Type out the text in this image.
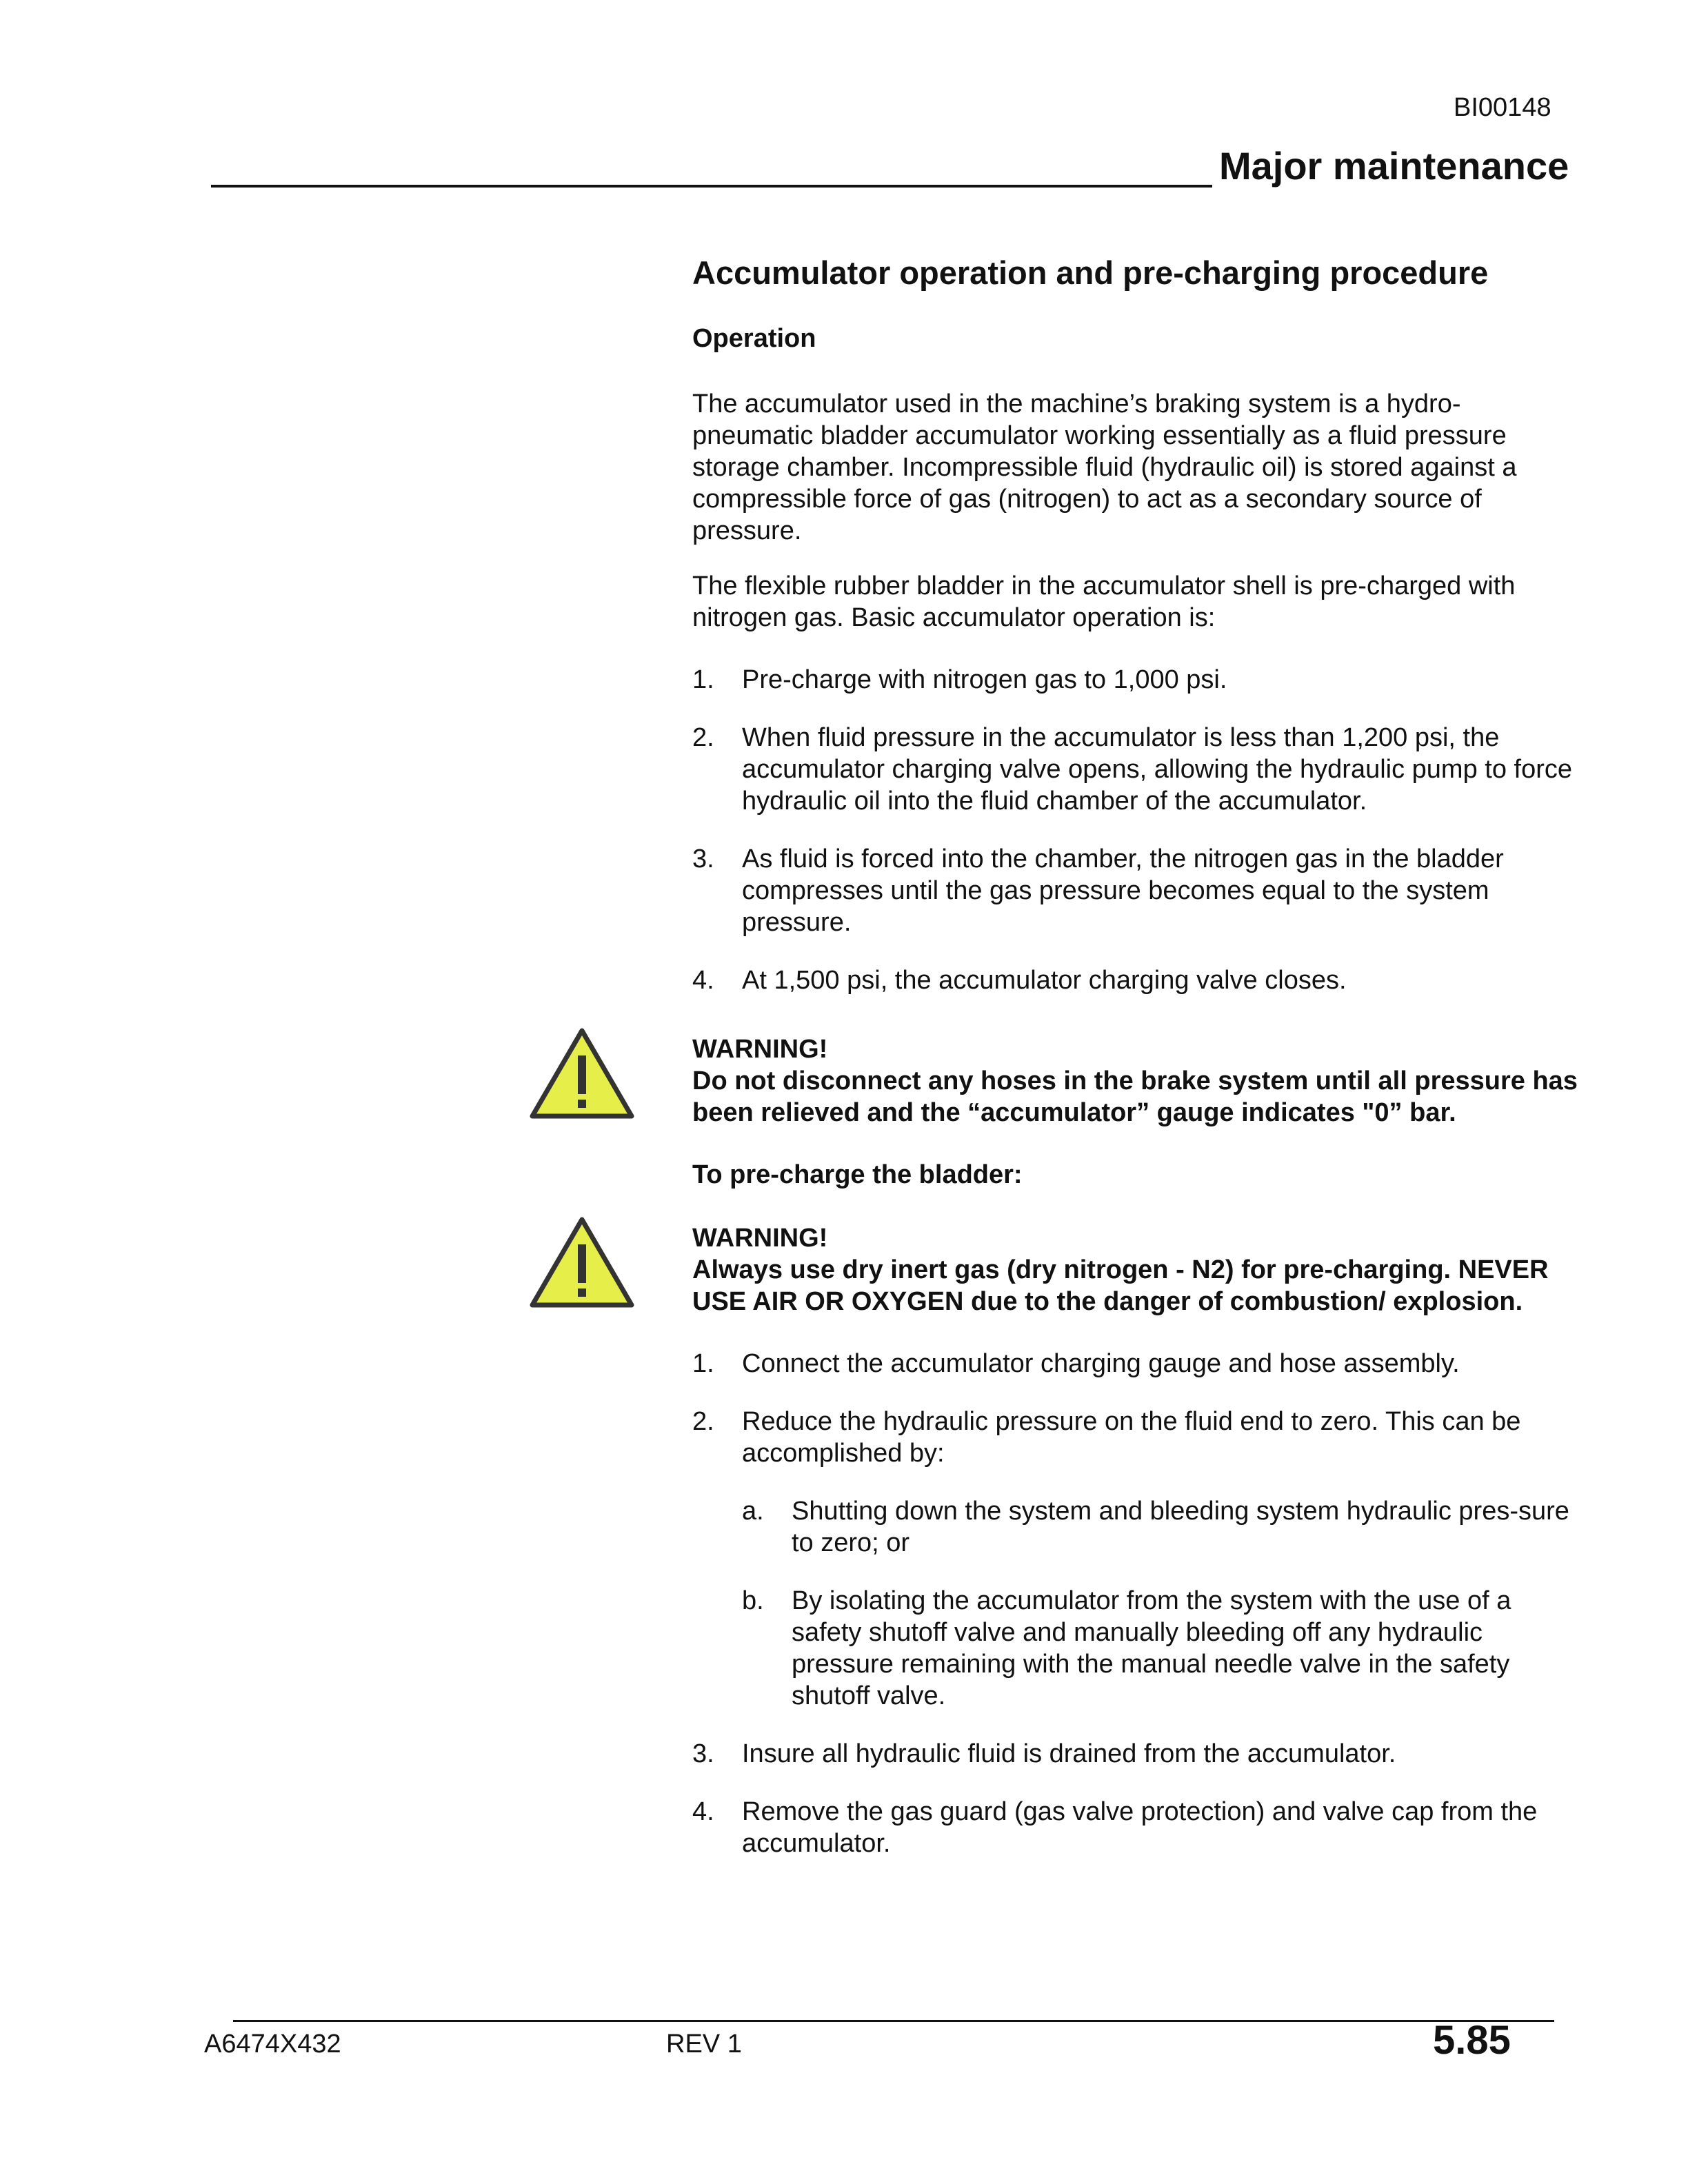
BI00148
Major maintenance
Accumulator operation and pre-charging procedure
Operation

The accumulator used in the machine’s braking system is a hydro-pneumatic bladder accumulator working essentially as a fluid pressure storage chamber. Incompressible fluid (hydraulic oil) is stored against a compressible force of gas (nitrogen) to act as a secondary source of pressure.

The flexible rubber bladder in the accumulator shell is pre-charged with nitrogen gas. Basic accumulator operation is:

1.	Pre-charge with nitrogen gas to 1,000 psi.
2.	When fluid pressure in the accumulator is less than 1,200 psi, the accumulator charging valve opens, allowing the hydraulic pump to force hydraulic oil into the fluid chamber of the accumulator.
3.	As fluid is forced into the chamber, the nitrogen gas in the bladder compresses until the gas pressure becomes equal to the system pressure.
4.	At 1,500 psi, the accumulator charging valve closes.
WARNING!
Do not disconnect any hoses in the brake system until all pressure has been relieved and the “accumulator” gauge indicates "0” bar.
To pre-charge the bladder:
WARNING!
Always use dry inert gas (dry nitrogen - N2) for pre-charging. NEVER USE AIR OR OXYGEN due to the danger of combustion/ explosion.
1.	Connect the accumulator charging gauge and hose assembly.
2.	Reduce the hydraulic pressure on the fluid end to zero. This can be accomplished by:
a.	Shutting down the system and bleeding system hydraulic pres-sure to zero; or
b.	By isolating the accumulator from the system with the use of a safety shutoff valve and manually bleeding off any hydraulic pressure remaining with the manual needle valve in the safety shutoff valve.
3.	Insure all hydraulic fluid is drained from the accumulator.
4.	Remove the gas guard (gas valve protection) and valve cap from the accumulator.
A6474X432	REV 1	5.85
